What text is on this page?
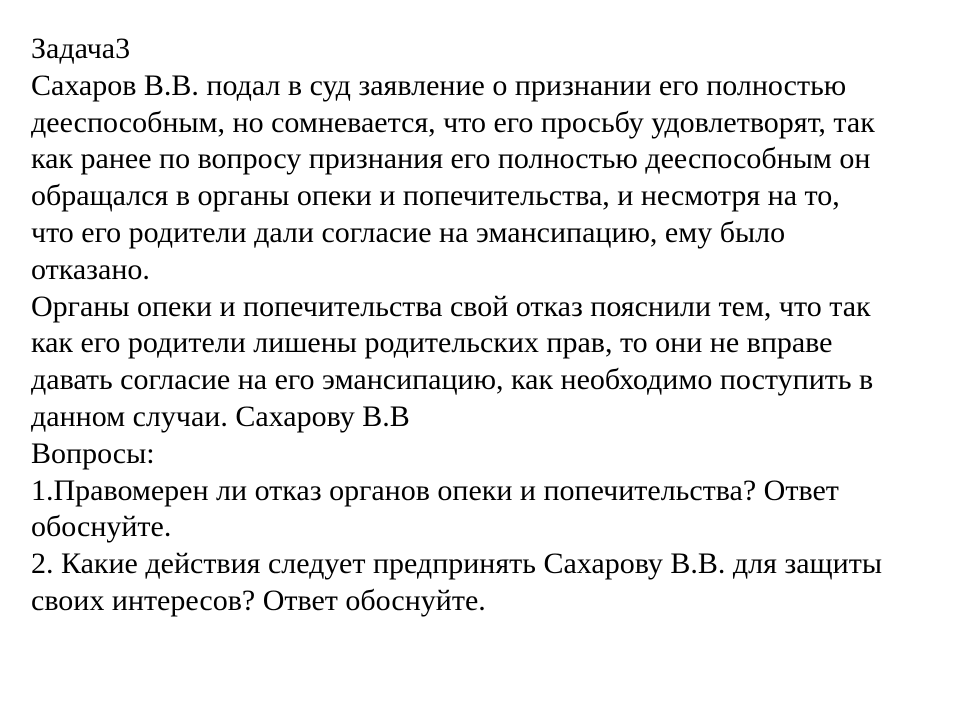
Задача3
Сахаров В.В. подал в суд заявление о признании его полностью
дееспособным, но сомневается, что его просьбу удовлетворят, так
как ранее по вопросу признания его полностью дееспособным он
обращался в органы опеки и попечительства, и несмотря на то,
что его родители дали согласие на эмансипацию, ему было
отказано.
Органы опеки и попечительства свой отказ пояснили тем, что так
как его родители лишены родительских прав, то они не вправе
давать согласие на его эмансипацию, как необходимо поступить в
данном случаи. Сахарову В.В
Вопросы:
1.Правомерен ли отказ органов опеки и попечительства? Ответ
обоснуйте.
2. Какие действия следует предпринять Сахарову В.В. для защиты
своих интересов? Ответ обоснуйте.
